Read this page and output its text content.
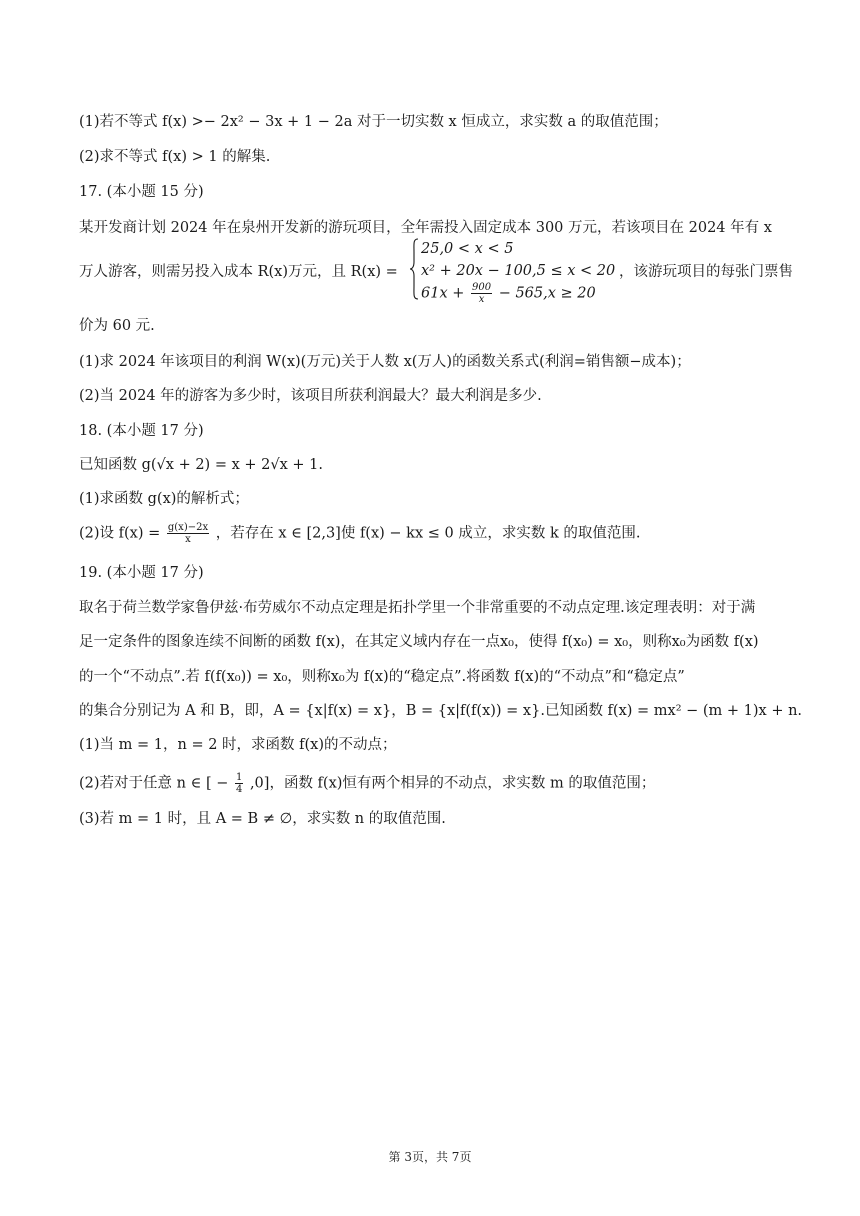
(1)若不等式 f(x) >− 2x² − 3x + 1 − 2a 对于一切实数 x 恒成立，求实数 a 的取值范围；
(2)求不等式 f(x) > 1 的解集.
17. (本小题 15 分)
某开发商计划 2024 年在泉州开发新的游玩项目，全年需投入固定成本 300 万元，若该项目在 2024 年有 x
万人游客，则需另投入成本 R(x)万元，且 R(x) =
25,0 < x < 5
x² + 20x − 100,5 ≤ x < 20
$61x + \frac{900}{x} - 565,x \ge 20$
，该游玩项目的每张门票售
价为 60 元.
(1)求 2024 年该项目的利润 W(x)(万元)关于人数 x(万人)的函数关系式(利润=销售额−成本)；
(2)当 2024 年的游客为多少时，该项目所获利润最大？最大利润是多少.
18. (本小题 17 分)
已知函数 g(√x + 2) = x + 2√x + 1.
(1)求函数 g(x)的解析式；
(2)设 $f(x) = \frac{g(x)-2x}{x}$ ，若存在 x ∈ [2,3]使 f(x) − kx ≤ 0 成立，求实数 k 的取值范围.
19. (本小题 17 分)
取名于荷兰数学家鲁伊兹·布劳威尔不动点定理是拓扑学里一个非常重要的不动点定理.该定理表明：对于满
足一定条件的图象连续不间断的函数 f(x)，在其定义域内存在一点x₀，使得 f(x₀) = x₀，则称x₀为函数 f(x)
的一个“不动点”.若 f(f(x₀)) = x₀，则称x₀为 f(x)的“稳定点”.将函数 f(x)的“不动点”和“稳定点”
的集合分别记为 A 和 B，即，A = {x|f(x) = x}，B = {x|f(f(x)) = x}.已知函数 f(x) = mx² − (m + 1)x + n.
(1)当 m = 1，n = 2 时，求函数 f(x)的不动点；
(2)若对于任意 n ∈ [ − $\frac{1}{4} ,0$]，函数 f(x)恒有两个相异的不动点，求实数 m 的取值范围；
(3)若 m = 1 时，且 A = B ≠ ∅，求实数 n 的取值范围.
第 3页，共 7页
